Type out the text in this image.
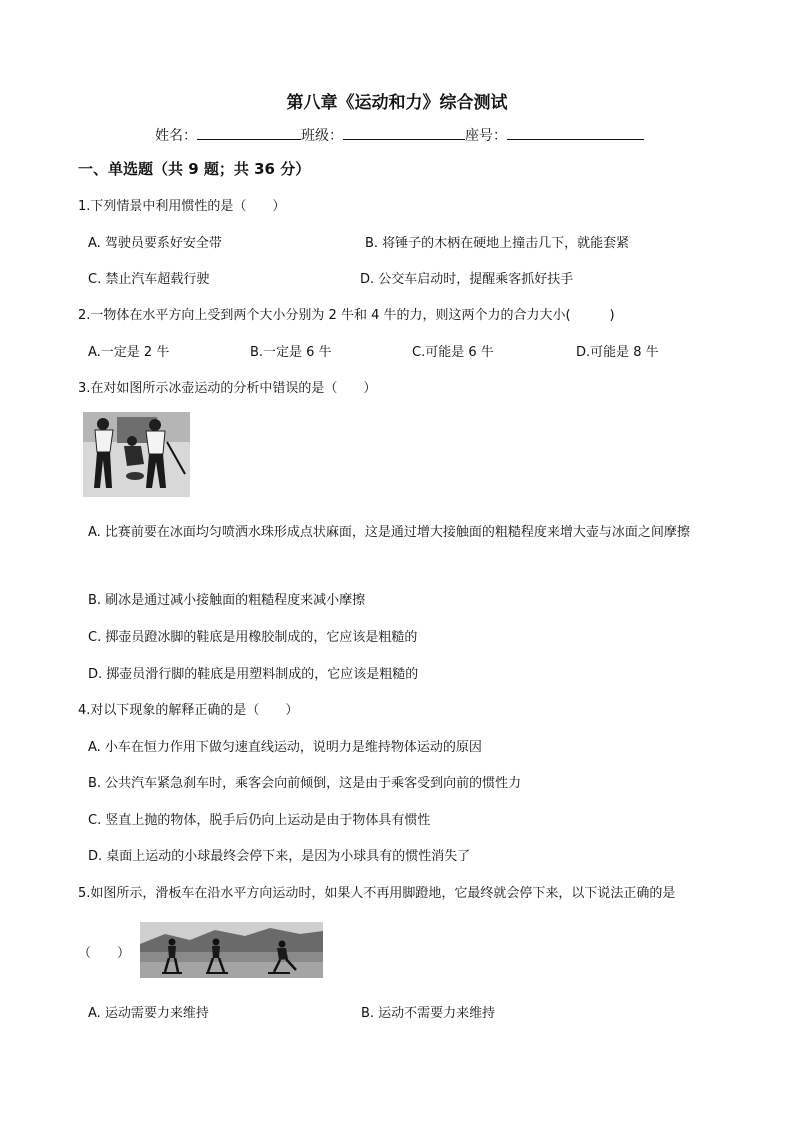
第八章《运动和力》综合测试
姓名：	班级：	座号：
一、单选题（共 9 题；共 36 分）
1.下列情景中利用惯性的是（　　）
A. 驾驶员要系好安全带	B. 将锤子的木柄在硬地上撞击几下，就能套紧
C. 禁止汽车超载行驶	D. 公交车启动时，提醒乘客抓好扶手
2.一物体在水平方向上受到两个大小分别为 2 牛和 4 牛的力，则这两个力的合力大小(　　　)
A.一定是 2 牛	B.一定是 6 牛	C.可能是 6 牛	D.可能是 8 牛
3.在对如图所示冰壶运动的分析中错误的是（　　）
A. 比赛前要在冰面均匀喷洒水珠形成点状麻面，这是通过增大接触面的粗糙程度来增大壶与冰面之间摩擦
B. 刷冰是通过减小接触面的粗糙程度来减小摩擦
C. 掷壶员蹬冰脚的鞋底是用橡胶制成的，它应该是粗糙的
D. 掷壶员滑行脚的鞋底是用塑料制成的，它应该是粗糙的
4.对以下现象的解释正确的是（　　）
A. 小车在恒力作用下做匀速直线运动，说明力是维持物体运动的原因
B. 公共汽车紧急刹车时，乘客会向前倾倒，这是由于乘客受到向前的惯性力
C. 竖直上抛的物体，脱手后仍向上运动是由于物体具有惯性
D. 桌面上运动的小球最终会停下来，是因为小球具有的惯性消失了
5.如图所示，滑板车在沿水平方向运动时，如果人不再用脚蹬地，它最终就会停下来，以下说法正确的是
（　　）
A. 运动需要力来维持	B. 运动不需要力来维持
